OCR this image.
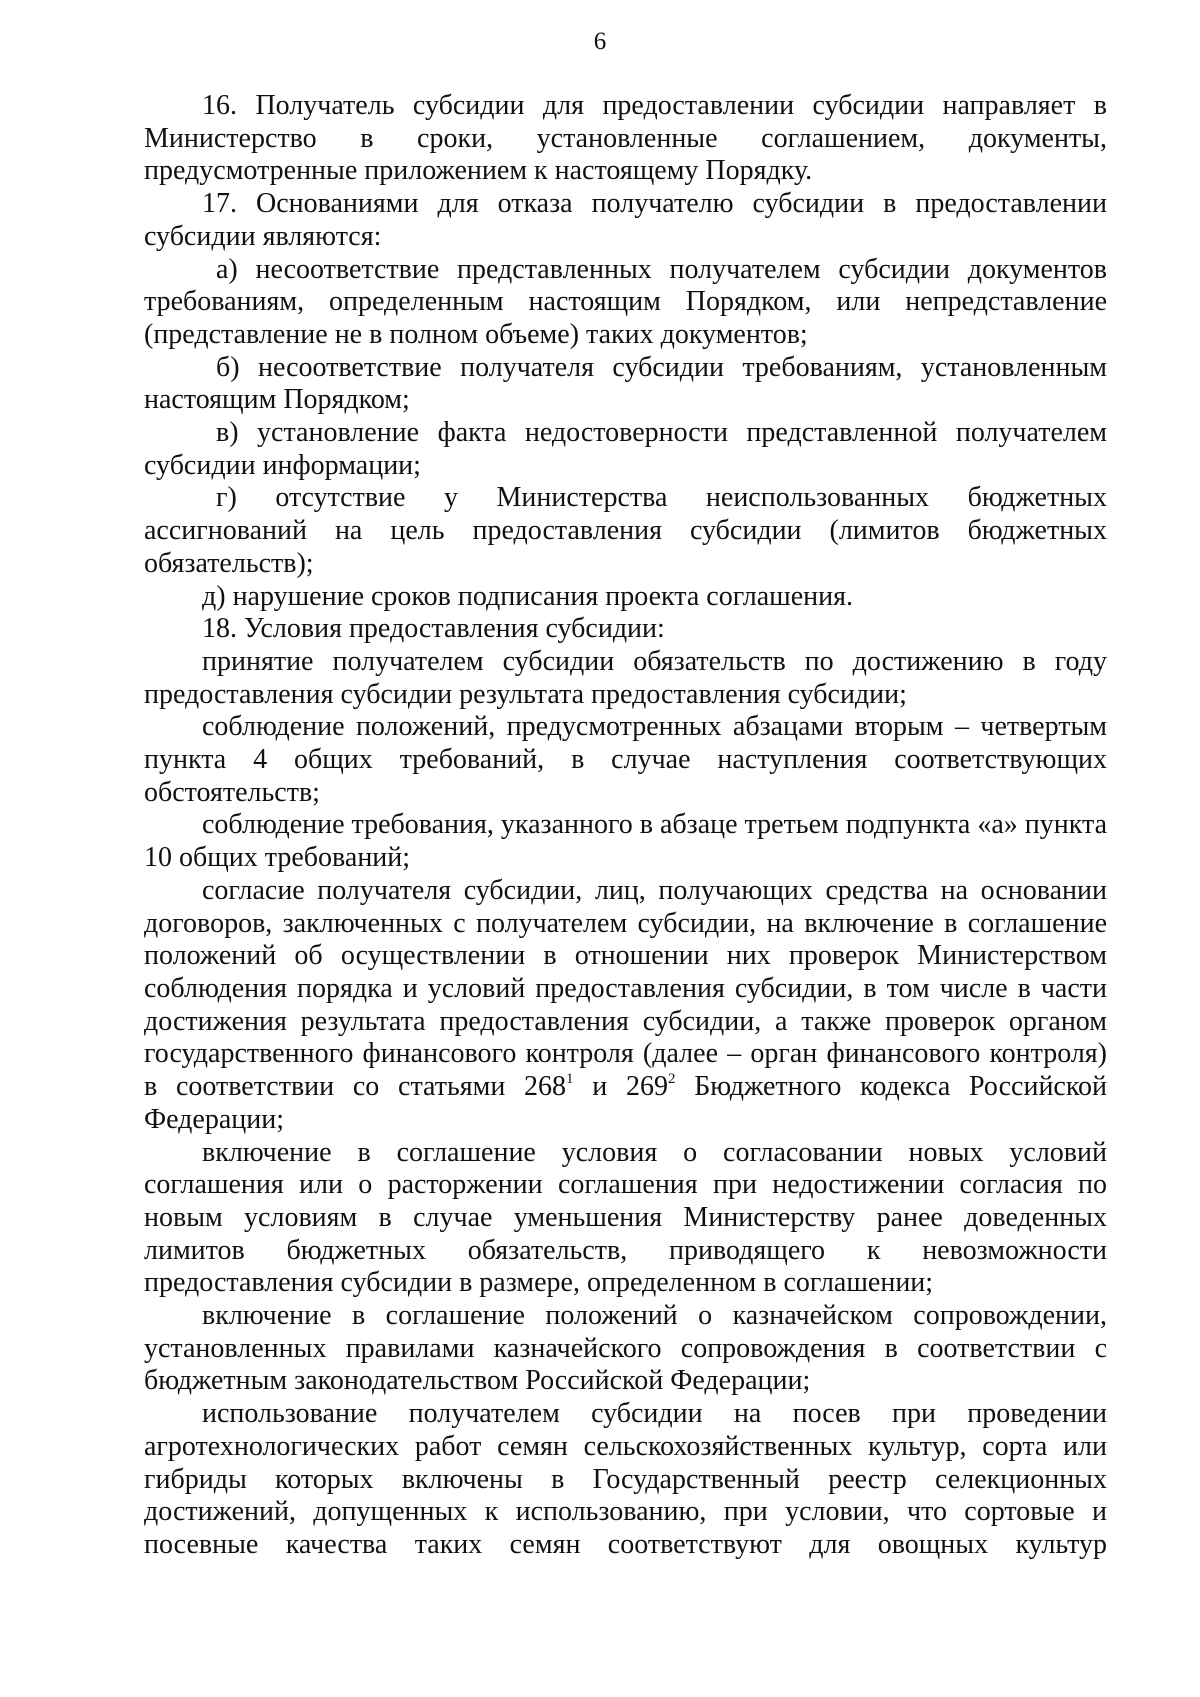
6

16. Получатель субсидии для предоставлении субсидии направляет в Министерство в сроки, установленные соглашением, документы, предусмотренные приложением к настоящему Порядку.

17. Основаниями для отказа получателю субсидии в предоставлении субсидии являются:

а) несоответствие представленных получателем субсидии документов требованиям, определенным настоящим Порядком, или непредставление (представление не в полном объеме) таких документов;

б) несоответствие получателя субсидии требованиям, установленным настоящим Порядком;

в) установление факта недостоверности представленной получателем субсидии информации;

г) отсутствие у Министерства неиспользованных бюджетных ассигнований на цель предоставления субсидии (лимитов бюджетных обязательств);

д) нарушение сроков подписания проекта соглашения.

18. Условия предоставления субсидии:

принятие получателем субсидии обязательств по достижению в году предоставления субсидии результата предоставления субсидии;

соблюдение положений, предусмотренных абзацами вторым – четвертым пункта 4 общих требований, в случае наступления соответствующих обстоятельств;

соблюдение требования, указанного в абзаце третьем подпункта «а» пункта 10 общих требований;

согласие получателя субсидии, лиц, получающих средства на основании договоров, заключенных с получателем субсидии, на включение в соглашение положений об осуществлении в отношении них проверок Министерством соблюдения порядка и условий предоставления субсидии, в том числе в части достижения результата предоставления субсидии, а также проверок органом государственного финансового контроля (далее – орган финансового контроля) в соответствии со статьями $268^1$ и $269^2$ Бюджетного кодекса Российской Федерации;

включение в соглашение условия о согласовании новых условий соглашения или о расторжении соглашения при недостижении согласия по новым условиям в случае уменьшения Министерству ранее доведенных лимитов бюджетных обязательств, приводящего к невозможности предоставления субсидии в размере, определенном в соглашении;

включение в соглашение положений о казначейском сопровождении, установленных правилами казначейского сопровождения в соответствии с бюджетным законодательством Российской Федерации;

использование получателем субсидии на посев при проведении агротехнологических работ семян сельскохозяйственных культур, сорта или гибриды которых включены в Государственный реестр селекционных достижений, допущенных к использованию, при условии, что сортовые и посевные качества таких семян соответствуют для овощных культур
